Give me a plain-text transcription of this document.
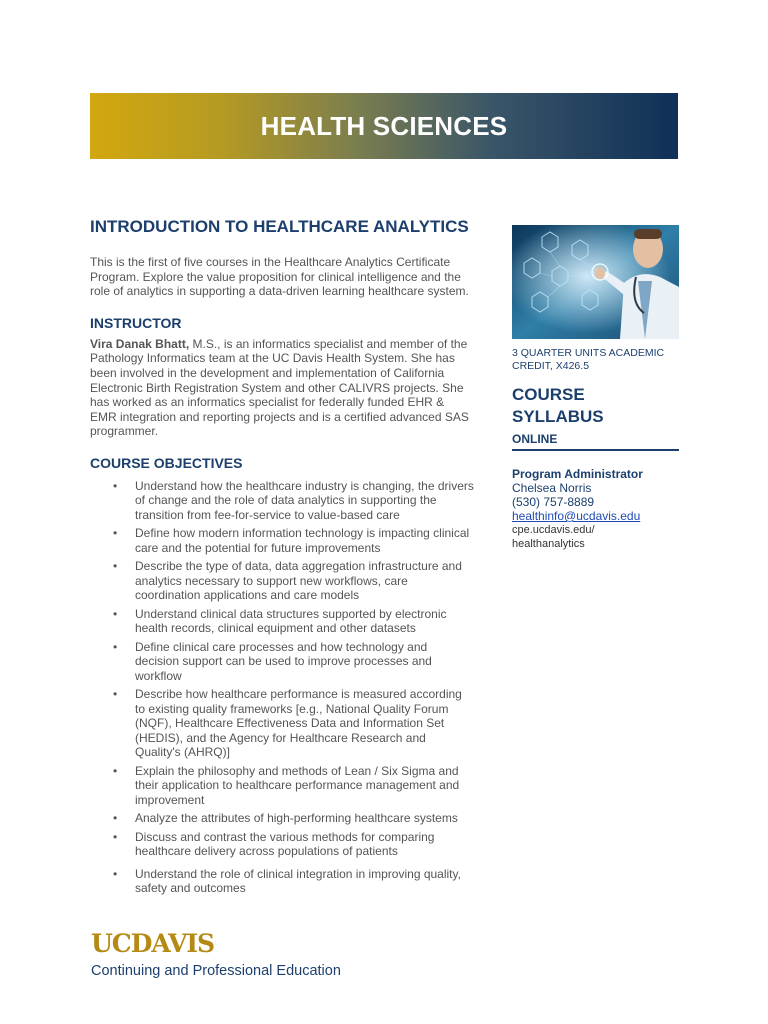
HEALTH SCIENCES
INTRODUCTION TO HEALTHCARE ANALYTICS

This is the first of five courses in the Healthcare Analytics Certificate Program. Explore the value proposition for clinical intelligence and the role of analytics in supporting a data-driven learning healthcare system.

INSTRUCTOR

Vira Danak Bhatt, M.S., is an informatics specialist and member of the Pathology Informatics team at the UC Davis Health System. She has been involved in the development and implementation of California Electronic Birth Registration System and other CALIVRS projects. She has worked as an informatics specialist for federally funded EHR & EMR integration and reporting projects and is a certified advanced SAS programmer.

COURSE OBJECTIVES
• Understand how the healthcare industry is changing, the drivers of change and the role of data analytics in supporting the transition from fee-for-service to value-based care
• Define how modern information technology is impacting clinical care and the potential for future improvements
• Describe the type of data, data aggregation infrastructure and analytics necessary to support new workflows, care coordination applications and care models
• Understand clinical data structures supported by electronic health records, clinical equipment and other datasets
• Define clinical care processes and how technology and decision support can be used to improve processes and workflow
• Describe how healthcare performance is measured according to existing quality frameworks [e.g., National Quality Forum (NQF), Healthcare Effectiveness Data and Information Set (HEDIS), and the Agency for Healthcare Research and Quality's (AHRQ)]
• Explain the philosophy and methods of Lean / Six Sigma and their application to healthcare performance management and improvement
• Analyze the attributes of high-performing healthcare systems
• Discuss and contrast the various methods for comparing healthcare delivery across populations of patients
• Understand the role of clinical integration in improving quality, safety and outcomes
3 QUARTER UNITS ACADEMIC CREDIT, X426.5
COURSE
SYLLABUS
ONLINE
Program Administrator
Chelsea Norris
(530) 757-8889
healthinfo@ucdavis.edu
cpe.ucdavis.edu/
healthanalytics
UCDAVIS
Continuing and Professional Education
